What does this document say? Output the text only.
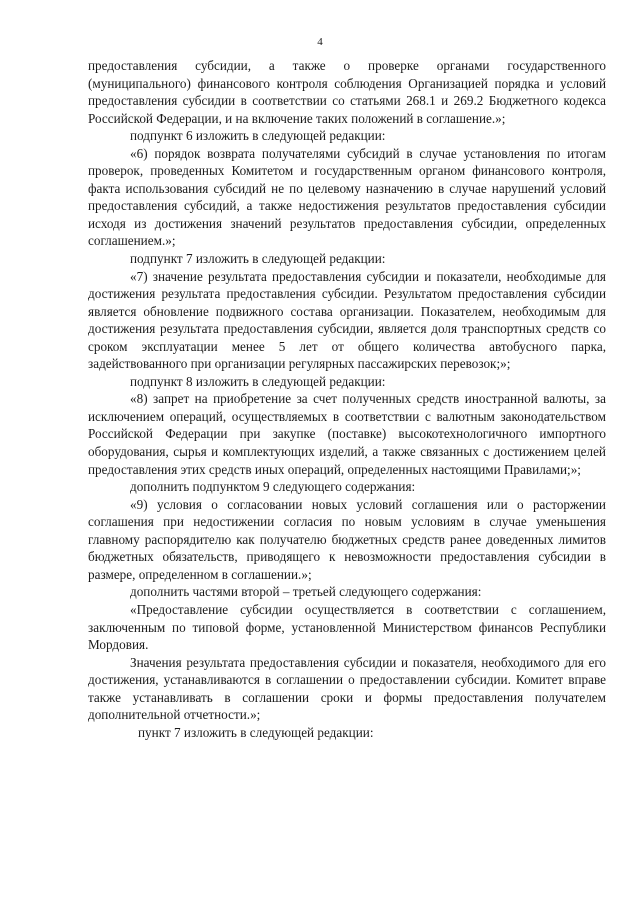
4

предоставления субсидии, а также о проверке органами государственного (муниципального) финансового контроля соблюдения Организацией порядка и условий предоставления субсидии в соответствии со статьями 268.1 и 269.2 Бюджетного кодекса Российской Федерации, и на включение таких положений в соглашение.»;

подпункт 6 изложить в следующей редакции:

«6) порядок возврата получателями субсидий в случае установления по итогам проверок, проведенных Комитетом и государственным органом финансового контроля, факта использования субсидий не по целевому назначению в случае нарушений условий предоставления субсидий, а также недостижения результатов предоставления субсидии исходя из достижения значений результатов предоставления субсидии, определенных соглашением.»;

подпункт 7 изложить в следующей редакции:

«7) значение результата предоставления субсидии и показатели, необходимые для достижения результата предоставления субсидии. Результатом предоставления субсидии является обновление подвижного состава организации. Показателем, необходимым для достижения результата предоставления субсидии, является доля транспортных средств со сроком эксплуатации менее 5 лет от общего количества автобусного парка, задействованного при организации регулярных пассажирских перевозок;»;

подпункт 8 изложить в следующей редакции:

«8) запрет на приобретение за счет полученных средств иностранной валюты, за исключением операций, осуществляемых в соответствии с валютным законодательством Российской Федерации при закупке (поставке) высокотехнологичного импортного оборудования, сырья и комплектующих изделий, а также связанных с достижением целей предоставления этих средств иных операций, определенных настоящими Правилами;»;

дополнить подпунктом 9 следующего содержания:

«9) условия о согласовании новых условий соглашения или о расторжении соглашения при недостижении согласия по новым условиям в случае уменьшения главному распорядителю как получателю бюджетных средств ранее доведенных лимитов бюджетных обязательств, приводящего к невозможности предоставления субсидии в размере, определенном в соглашении.»;

дополнить частями второй – третьей следующего содержания:

«Предоставление субсидии осуществляется в соответствии с соглашением, заключенным по типовой форме, установленной Министерством финансов Республики Мордовия.

Значения результата предоставления субсидии и показателя, необходимого для его достижения, устанавливаются в соглашении о предоставлении субсидии. Комитет вправе также устанавливать в соглашении сроки и формы предоставления получателем дополнительной отчетности.»;

пункт 7 изложить в следующей редакции:
